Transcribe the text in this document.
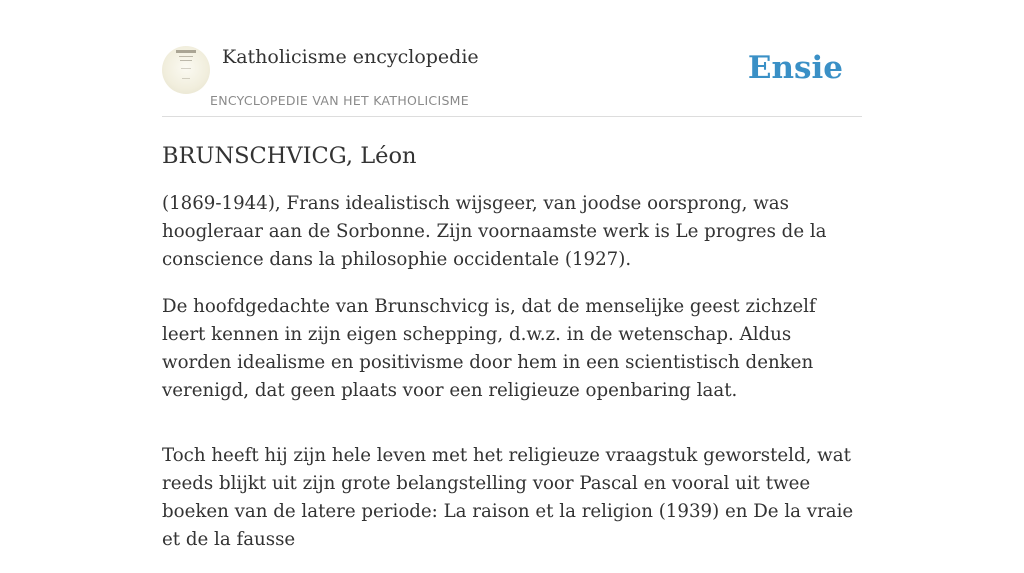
Katholicisme encyclopedie
ENCYCLOPEDIE VAN HET KATHOLICISME
Ensie
BRUNSCHVICG, Léon

(1869-1944), Frans idealistisch wijsgeer, van joodse oorsprong, was hoogleraar aan de Sorbonne. Zijn voornaamste werk is Le progres de la conscience dans la philosophie occidentale (1927).

De hoofdgedachte van Brunschvicg is, dat de menselijke geest zichzelf leert kennen in zijn eigen schepping, d.w.z. in de wetenschap. Aldus worden idealisme en positivisme door hem in een scientistisch denken verenigd, dat geen plaats voor een religieuze openbaring laat.

Toch heeft hij zijn hele leven met het religieuze vraagstuk geworsteld, wat reeds blijkt uit zijn grote belangstelling voor Pascal en vooral uit twee boeken van de latere periode: La raison et la religion (1939) en De la vraie et de la fausse
